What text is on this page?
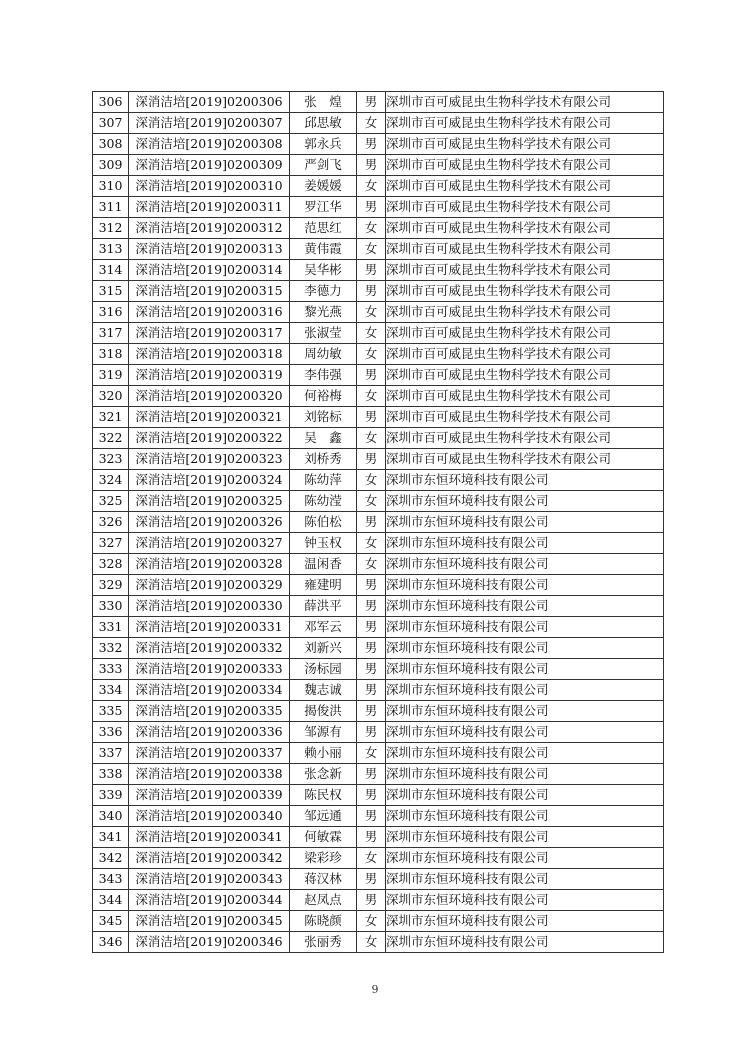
306	深消洁培[2019]0200306	张　煌	男	深圳市百可威昆虫生物科学技术有限公司
307	深消洁培[2019]0200307	邱思敏	女	深圳市百可威昆虫生物科学技术有限公司
308	深消洁培[2019]0200308	郭永兵	男	深圳市百可威昆虫生物科学技术有限公司
309	深消洁培[2019]0200309	严剑飞	男	深圳市百可威昆虫生物科学技术有限公司
310	深消洁培[2019]0200310	姜媛媛	女	深圳市百可威昆虫生物科学技术有限公司
311	深消洁培[2019]0200311	罗江华	男	深圳市百可威昆虫生物科学技术有限公司
312	深消洁培[2019]0200312	范思红	女	深圳市百可威昆虫生物科学技术有限公司
313	深消洁培[2019]0200313	黄伟霞	女	深圳市百可威昆虫生物科学技术有限公司
314	深消洁培[2019]0200314	吴华彬	男	深圳市百可威昆虫生物科学技术有限公司
315	深消洁培[2019]0200315	李德力	男	深圳市百可威昆虫生物科学技术有限公司
316	深消洁培[2019]0200316	黎光燕	女	深圳市百可威昆虫生物科学技术有限公司
317	深消洁培[2019]0200317	张淑莹	女	深圳市百可威昆虫生物科学技术有限公司
318	深消洁培[2019]0200318	周幼敏	女	深圳市百可威昆虫生物科学技术有限公司
319	深消洁培[2019]0200319	李伟强	男	深圳市百可威昆虫生物科学技术有限公司
320	深消洁培[2019]0200320	何裕梅	女	深圳市百可威昆虫生物科学技术有限公司
321	深消洁培[2019]0200321	刘铭标	男	深圳市百可威昆虫生物科学技术有限公司
322	深消洁培[2019]0200322	吴　鑫	女	深圳市百可威昆虫生物科学技术有限公司
323	深消洁培[2019]0200323	刘桥秀	男	深圳市百可威昆虫生物科学技术有限公司
324	深消洁培[2019]0200324	陈幼萍	女	深圳市东恒环境科技有限公司
325	深消洁培[2019]0200325	陈幼滢	女	深圳市东恒环境科技有限公司
326	深消洁培[2019]0200326	陈伯松	男	深圳市东恒环境科技有限公司
327	深消洁培[2019]0200327	钟玉权	女	深圳市东恒环境科技有限公司
328	深消洁培[2019]0200328	温闲香	女	深圳市东恒环境科技有限公司
329	深消洁培[2019]0200329	雍建明	男	深圳市东恒环境科技有限公司
330	深消洁培[2019]0200330	薛洪平	男	深圳市东恒环境科技有限公司
331	深消洁培[2019]0200331	邓军云	男	深圳市东恒环境科技有限公司
332	深消洁培[2019]0200332	刘新兴	男	深圳市东恒环境科技有限公司
333	深消洁培[2019]0200333	汤标园	男	深圳市东恒环境科技有限公司
334	深消洁培[2019]0200334	魏志诚	男	深圳市东恒环境科技有限公司
335	深消洁培[2019]0200335	揭俊洪	男	深圳市东恒环境科技有限公司
336	深消洁培[2019]0200336	邹源有	男	深圳市东恒环境科技有限公司
337	深消洁培[2019]0200337	赖小丽	女	深圳市东恒环境科技有限公司
338	深消洁培[2019]0200338	张念新	男	深圳市东恒环境科技有限公司
339	深消洁培[2019]0200339	陈民权	男	深圳市东恒环境科技有限公司
340	深消洁培[2019]0200340	邹远通	男	深圳市东恒环境科技有限公司
341	深消洁培[2019]0200341	何敏霖	男	深圳市东恒环境科技有限公司
342	深消洁培[2019]0200342	梁彩珍	女	深圳市东恒环境科技有限公司
343	深消洁培[2019]0200343	蒋汉林	男	深圳市东恒环境科技有限公司
344	深消洁培[2019]0200344	赵凤点	男	深圳市东恒环境科技有限公司
345	深消洁培[2019]0200345	陈晓颜	女	深圳市东恒环境科技有限公司
346	深消洁培[2019]0200346	张丽秀	女	深圳市东恒环境科技有限公司
9
